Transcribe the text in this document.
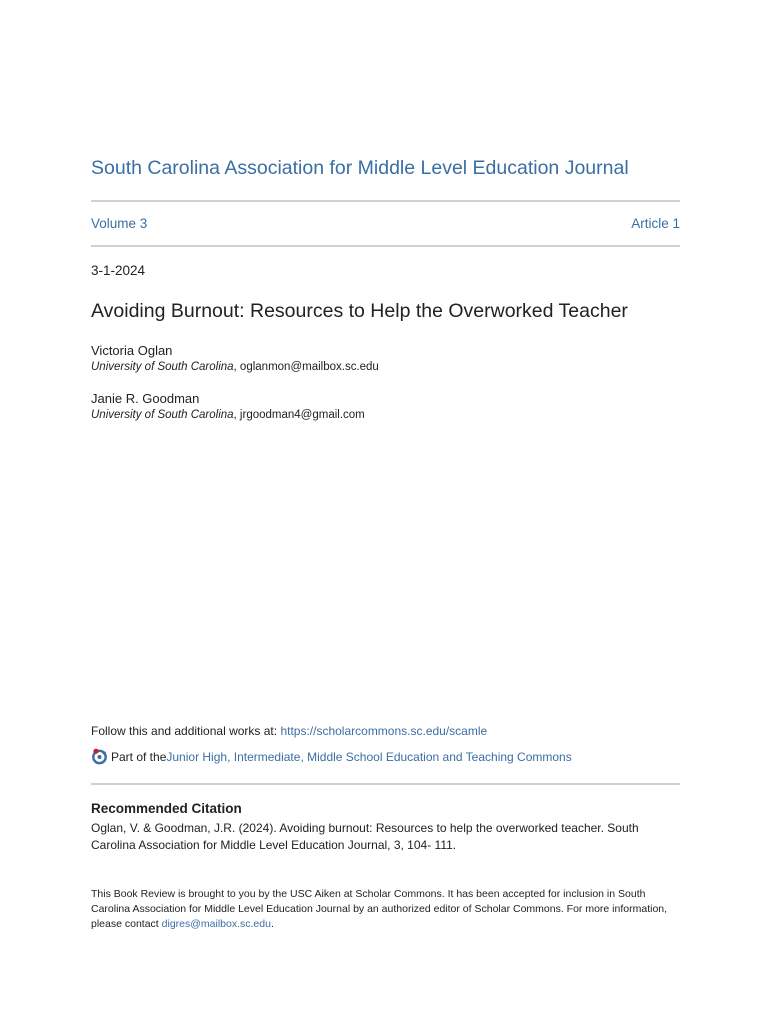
South Carolina Association for Middle Level Education Journal
Volume 3	Article 1
3-1-2024
Avoiding Burnout: Resources to Help the Overworked Teacher
Victoria Oglan
University of South Carolina, oglanmon@mailbox.sc.edu
Janie R. Goodman
University of South Carolina, jrgoodman4@gmail.com
Follow this and additional works at: https://scholarcommons.sc.edu/scamle
Part of the Junior High, Intermediate, Middle School Education and Teaching Commons
Recommended Citation
Oglan, V. & Goodman, J.R. (2024). Avoiding burnout: Resources to help the overworked teacher. South Carolina Association for Middle Level Education Journal, 3, 104- 111.
This Book Review is brought to you by the USC Aiken at Scholar Commons. It has been accepted for inclusion in South Carolina Association for Middle Level Education Journal by an authorized editor of Scholar Commons. For more information, please contact digres@mailbox.sc.edu.
